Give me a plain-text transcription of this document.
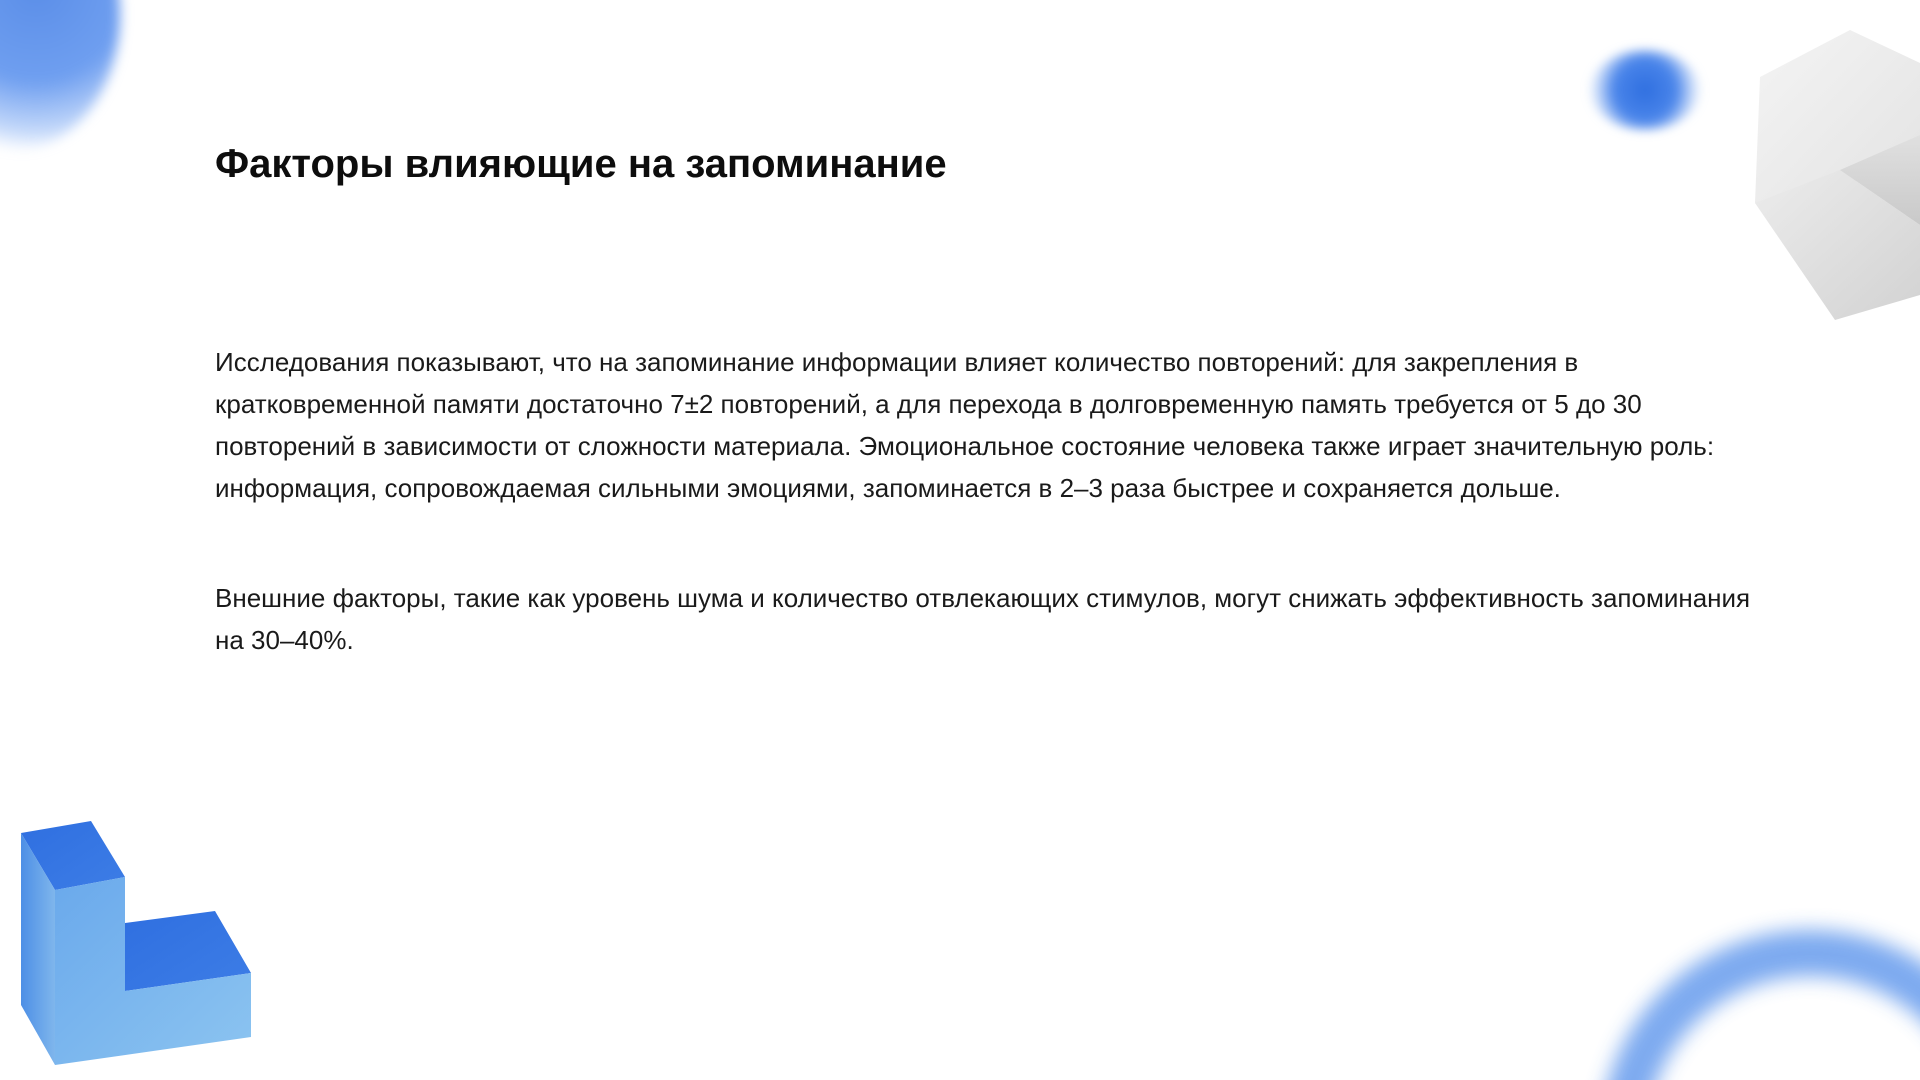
Факторы влияющие на запоминание

Исследования показывают, что на запоминание информации влияет количество повторений: для закрепления в кратковременной памяти достаточно 7±2 повторений, а для перехода в долговременную память требуется от 5 до 30 повторений в зависимости от сложности материала. Эмоциональное состояние человека также играет значительную роль: информация, сопровождаемая сильными эмоциями, запоминается в 2–3 раза быстрее и сохраняется дольше.

Внешние факторы, такие как уровень шума и количество отвлекающих стимулов, могут снижать эффективность запоминания на 30–40%.
